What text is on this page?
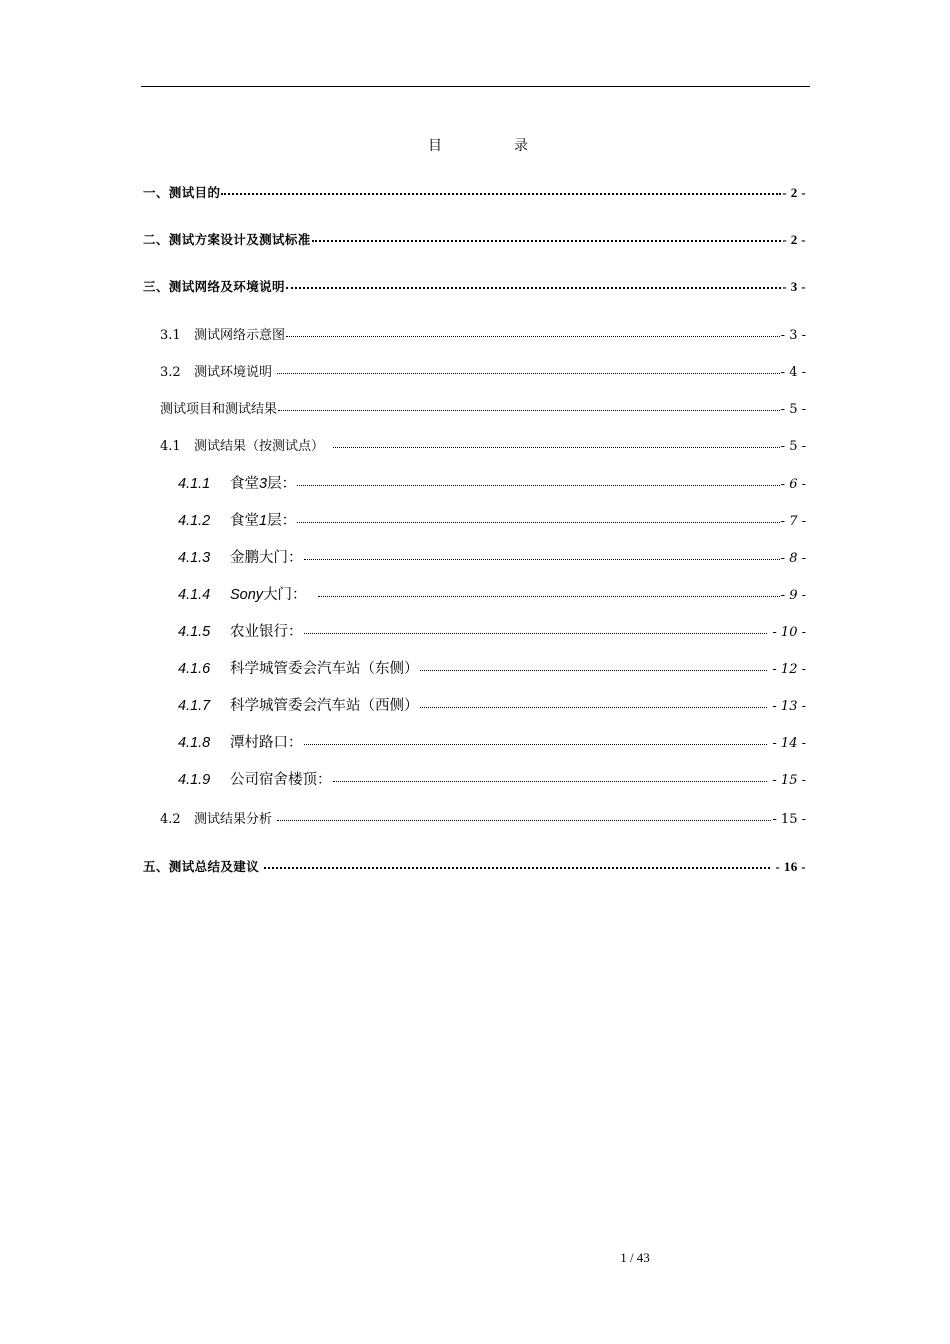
目	录
一、测试目的	- 2 -
二、测试方案设计及测试标准	- 2 -
三、测试网络及环境说明	- 3 -
3.1	测试网络示意图	- 3 -
3.2	测试环境说明	- 4 -
测试项目和测试结果	- 5 -
4.1	测试结果（按测试点）	- 5 -
4.1.1	食堂3层：	- 6 -
4.1.2	食堂1层：	- 7 -
4.1.3	金鹏大门：	- 8 -
4.1.4	Sony大门：	- 9 -
4.1.5	农业银行：	- 10 -
4.1.6	科学城管委会汽车站（东侧）	- 12 -
4.1.7	科学城管委会汽车站（西侧）	- 13 -
4.1.8	潭村路口：	- 14 -
4.1.9	公司宿舍楼顶：	- 15 -
4.2	测试结果分析	- 15 -
五、测试总结及建议	- 16 -
1 / 43
